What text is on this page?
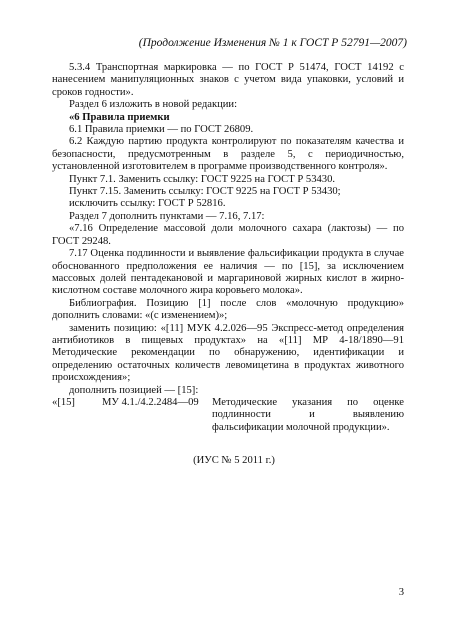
(Продолжение Изменения № 1 к ГОСТ Р 52791—2007)

5.3.4 Транспортная маркировка — по ГОСТ Р 51474, ГОСТ 14192 с нанесением манипуляционных знаков с учетом вида упаковки, условий и сроков годности».

Раздел 6 изложить в новой редакции:

«6 Правила приемки

6.1 Правила приемки — по ГОСТ 26809.

6.2 Каждую партию продукта контролируют по показателям качества и безопасности, предусмотренным в разделе 5, с периодичностью, установленной изготовителем в программе производственного контроля».

Пункт 7.1. Заменить ссылку: ГОСТ 9225 на ГОСТ Р 53430.

Пункт 7.15. Заменить ссылку: ГОСТ 9225 на ГОСТ Р 53430;

исключить ссылку: ГОСТ Р 52816.

Раздел 7 дополнить пунктами — 7.16, 7.17:

«7.16 Определение массовой доли молочного сахара (лактозы) — по ГОСТ 29248.

7.17 Оценка подлинности и выявление фальсификации продукта в случае обоснованного предположения ее наличия — по [15], за исключением массовых долей пентадекановой и маргариновой жирных кислот в жирно-кислотном составе молочного жира коровьего молока».

Библиография. Позицию [1] после слов «молочную продукцию» дополнить словами: «(с изменением)»;

заменить позицию: «[11] МУК 4.2.026—95 Экспресс-метод определения антибиотиков в пищевых продуктах» на «[11] МР 4-18/1890—91 Методические рекомендации по обнаружению, идентификации и определению остаточных количеств левомицетина в продуктах животного происхождения»;

дополнить позицией — [15]:

«[15]	МУ 4.1./4.2.2484—09	Методические указания по оценке подлинности и выявлению фальсификации молочной продукции».

(ИУС № 5 2011 г.)

3
